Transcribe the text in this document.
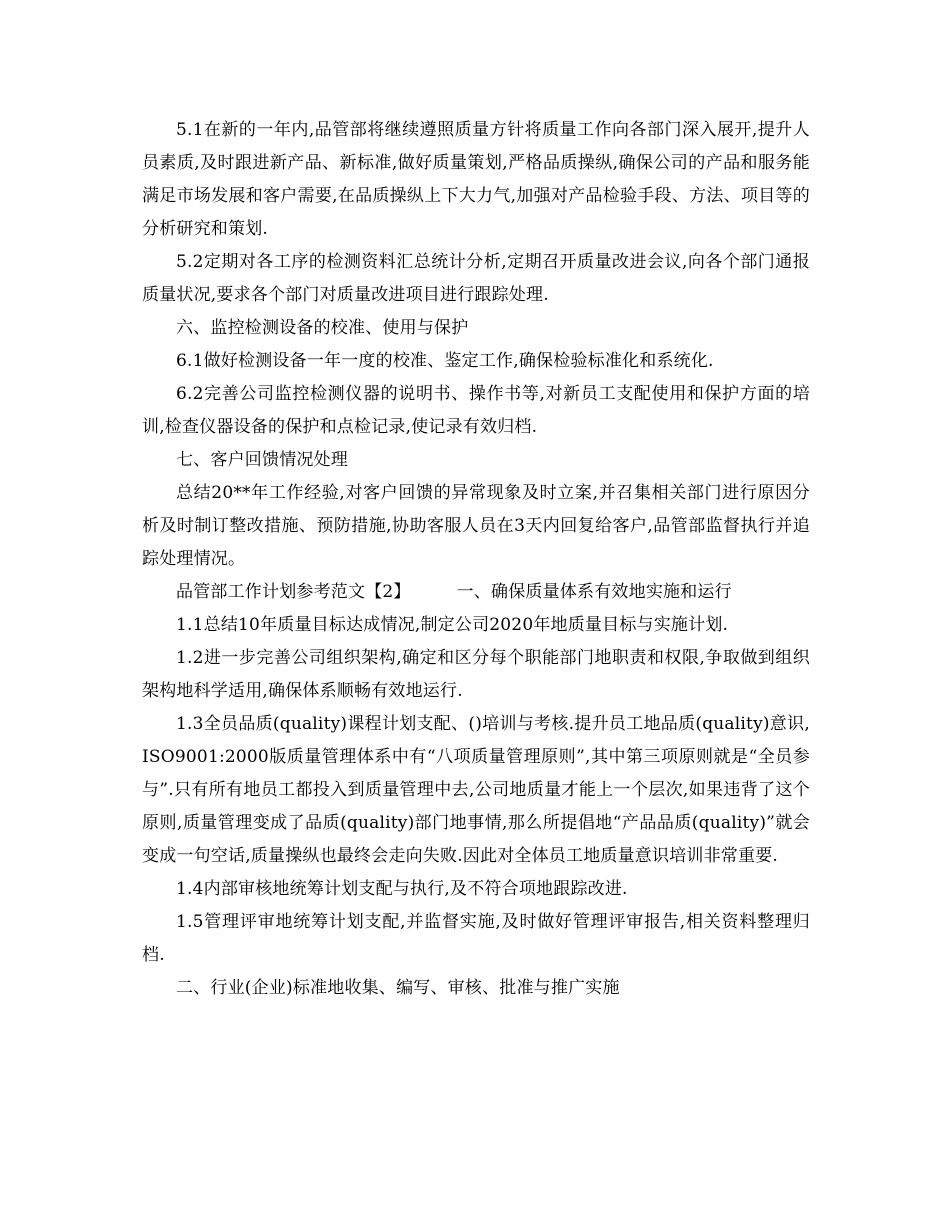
5.1在新的一年内,品管部将继续遵照质量方针将质量工作向各部门深入展开,提升人员素质,及时跟进新产品、新标准,做好质量策划,严格品质操纵,确保公司的产品和服务能满足市场发展和客户需要,在品质操纵上下大力气,加强对产品检验手段、方法、项目等的分析研究和策划.

5.2定期对各工序的检测资料汇总统计分析,定期召开质量改进会议,向各个部门通报质量状况,要求各个部门对质量改进项目进行跟踪处理.

六、监控检测设备的校准、使用与保护

6.1做好检测设备一年一度的校准、鉴定工作,确保检验标准化和系统化.

6.2完善公司监控检测仪器的说明书、操作书等,对新员工支配使用和保护方面的培训,检查仪器设备的保护和点检记录,使记录有效归档.

七、客户回馈情况处理

总结20**年工作经验,对客户回馈的异常现象及时立案,并召集相关部门进行原因分析及时制订整改措施、预防措施,协助客服人员在3天内回复给客户,品管部监督执行并追踪处理情况。

品管部工作计划参考范文【2】	一、确保质量体系有效地实施和运行

1.1总结10年质量目标达成情况,制定公司2020年地质量目标与实施计划.

1.2进一步完善公司组织架构,确定和区分每个职能部门地职责和权限,争取做到组织架构地科学适用,确保体系顺畅有效地运行.

1.3全员品质(quality)课程计划支配、()培训与考核.提升员工地品质(quality)意识,ISO9001:2000版质量管理体系中有“八项质量管理原则”,其中第三项原则就是“全员参与”.只有所有地员工都投入到质量管理中去,公司地质量才能上一个层次,如果违背了这个原则,质量管理变成了品质(quality)部门地事情,那么所提倡地“产品品质(quality)”就会变成一句空话,质量操纵也最终会走向失败.因此对全体员工地质量意识培训非常重要.

1.4内部审核地统筹计划支配与执行,及不符合项地跟踪改进.

1.5管理评审地统筹计划支配,并监督实施,及时做好管理评审报告,相关资料整理归档.

二、行业(企业)标准地收集、编写、审核、批准与推广实施
